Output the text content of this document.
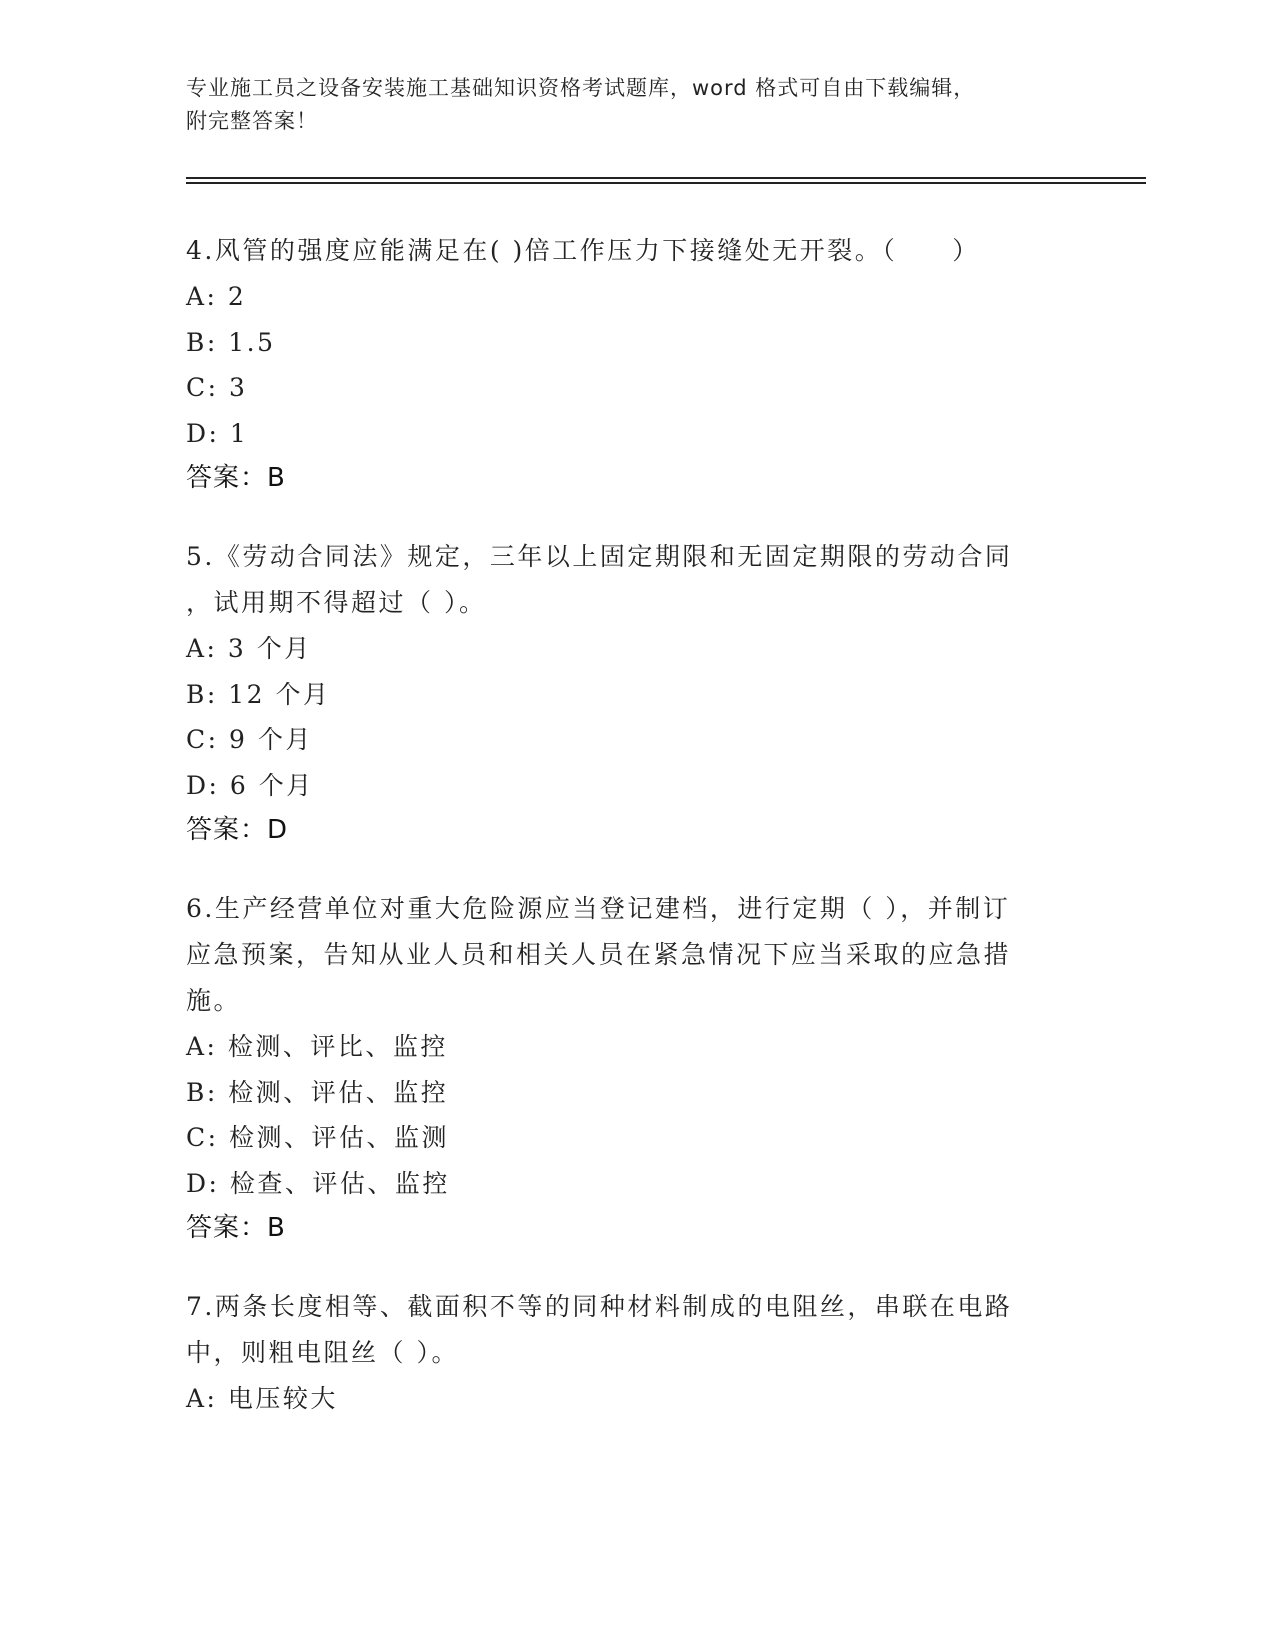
专业施工员之设备安装施工基础知识资格考试题库，word 格式可自由下载编辑，
附完整答案！
4.风管的强度应能满足在( )倍工作压力下接缝处无开裂。（　　）
A: 2
B: 1.5
C: 3
D: 1
答案：B
5.《劳动合同法》规定，三年以上固定期限和无固定期限的劳动合同
，试用期不得超过（ ）。
A: 3 个月
B: 12 个月
C: 9 个月
D: 6 个月
答案：D
6.生产经营单位对重大危险源应当登记建档，进行定期（ ），并制订
应急预案，告知从业人员和相关人员在紧急情况下应当采取的应急措
施。
A: 检测、评比、监控
B: 检测、评估、监控
C: 检测、评估、监测
D: 检查、评估、监控
答案：B
7.两条长度相等、截面积不等的同种材料制成的电阻丝，串联在电路
中，则粗电阻丝（ ）。
A: 电压较大
